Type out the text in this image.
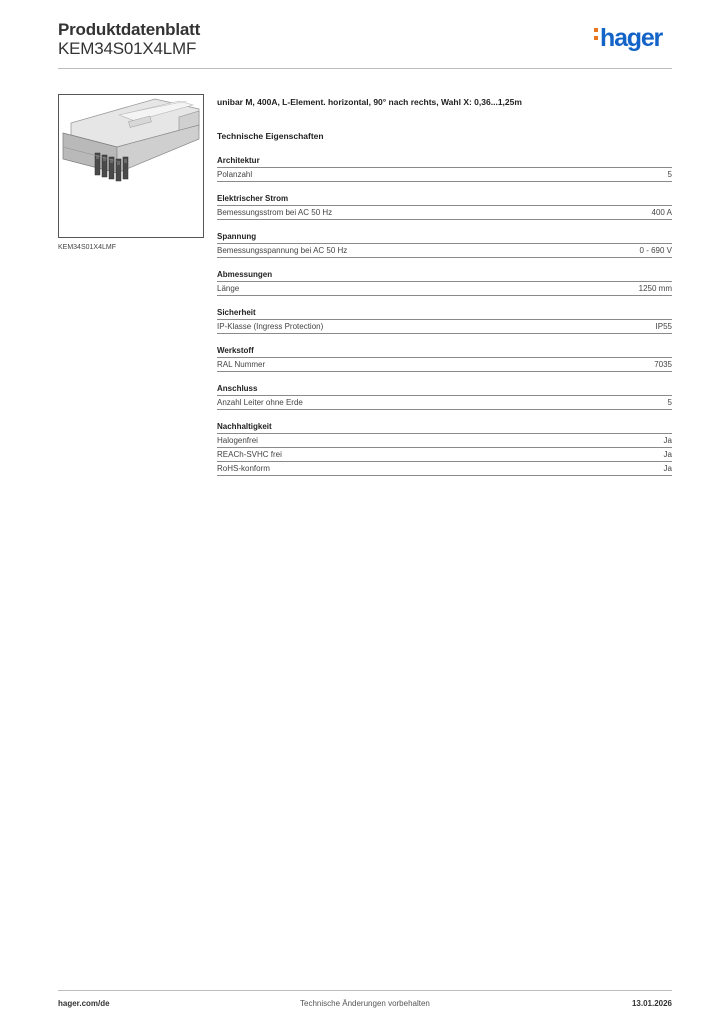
Produktdatenblatt
KEM34S01X4LMF	hager
KEM34S01X4LMF
unibar M, 400A, L-Element. horizontal, 90° nach rechts, Wahl X: 0,36...1,25m
Technische Eigenschaften
Architektur
Polanzahl	5
Elektrischer Strom
Bemessungsstrom bei AC 50 Hz	400 A
Spannung
Bemessungsspannung bei AC 50 Hz	0 - 690 V
Abmessungen
Länge	1250 mm
Sicherheit
IP-Klasse (Ingress Protection)	IP55
Werkstoff
RAL Nummer	7035
Anschluss
Anzahl Leiter ohne Erde	5
Nachhaltigkeit
Halogenfrei	Ja
REACh-SVHC frei	Ja
RoHS-konform	Ja
hager.com/de	Technische Änderungen vorbehalten	13.01.2026
